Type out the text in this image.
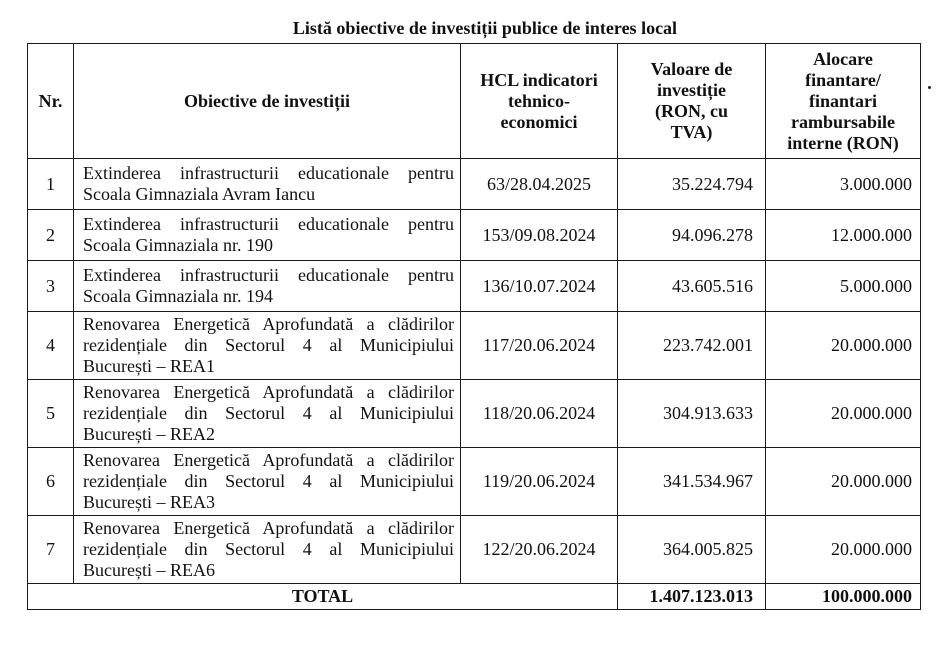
Listă obiective de investiții publice de interes local
Nr.	Obiective de investiții	HCL indicatori tehnico-economici	Valoare de investiție (RON, cu TVA)	Alocare finantare/ finantari rambursabile interne (RON)
1	Extinderea infrastructurii educationale pentru Scoala Gimnaziala Avram Iancu	63/28.04.2025	35.224.794	3.000.000
2	Extinderea infrastructurii educationale pentru Scoala Gimnaziala nr. 190	153/09.08.2024	94.096.278	12.000.000
3	Extinderea infrastructurii educationale pentru Scoala Gimnaziala nr. 194	136/10.07.2024	43.605.516	5.000.000
4	Renovarea Energetică Aprofundată a clădirilor rezidențiale din Sectorul 4 al Municipiului București – REA1	117/20.06.2024	223.742.001	20.000.000
5	Renovarea Energetică Aprofundată a clădirilor rezidențiale din Sectorul 4 al Municipiului București – REA2	118/20.06.2024	304.913.633	20.000.000
6	Renovarea Energetică Aprofundată a clădirilor rezidențiale din Sectorul 4 al Municipiului București – REA3	119/20.06.2024	341.534.967	20.000.000
7	Renovarea Energetică Aprofundată a clădirilor rezidențiale din Sectorul 4 al Municipiului București – REA6	122/20.06.2024	364.005.825	20.000.000
TOTAL			1.407.123.013	100.000.000
